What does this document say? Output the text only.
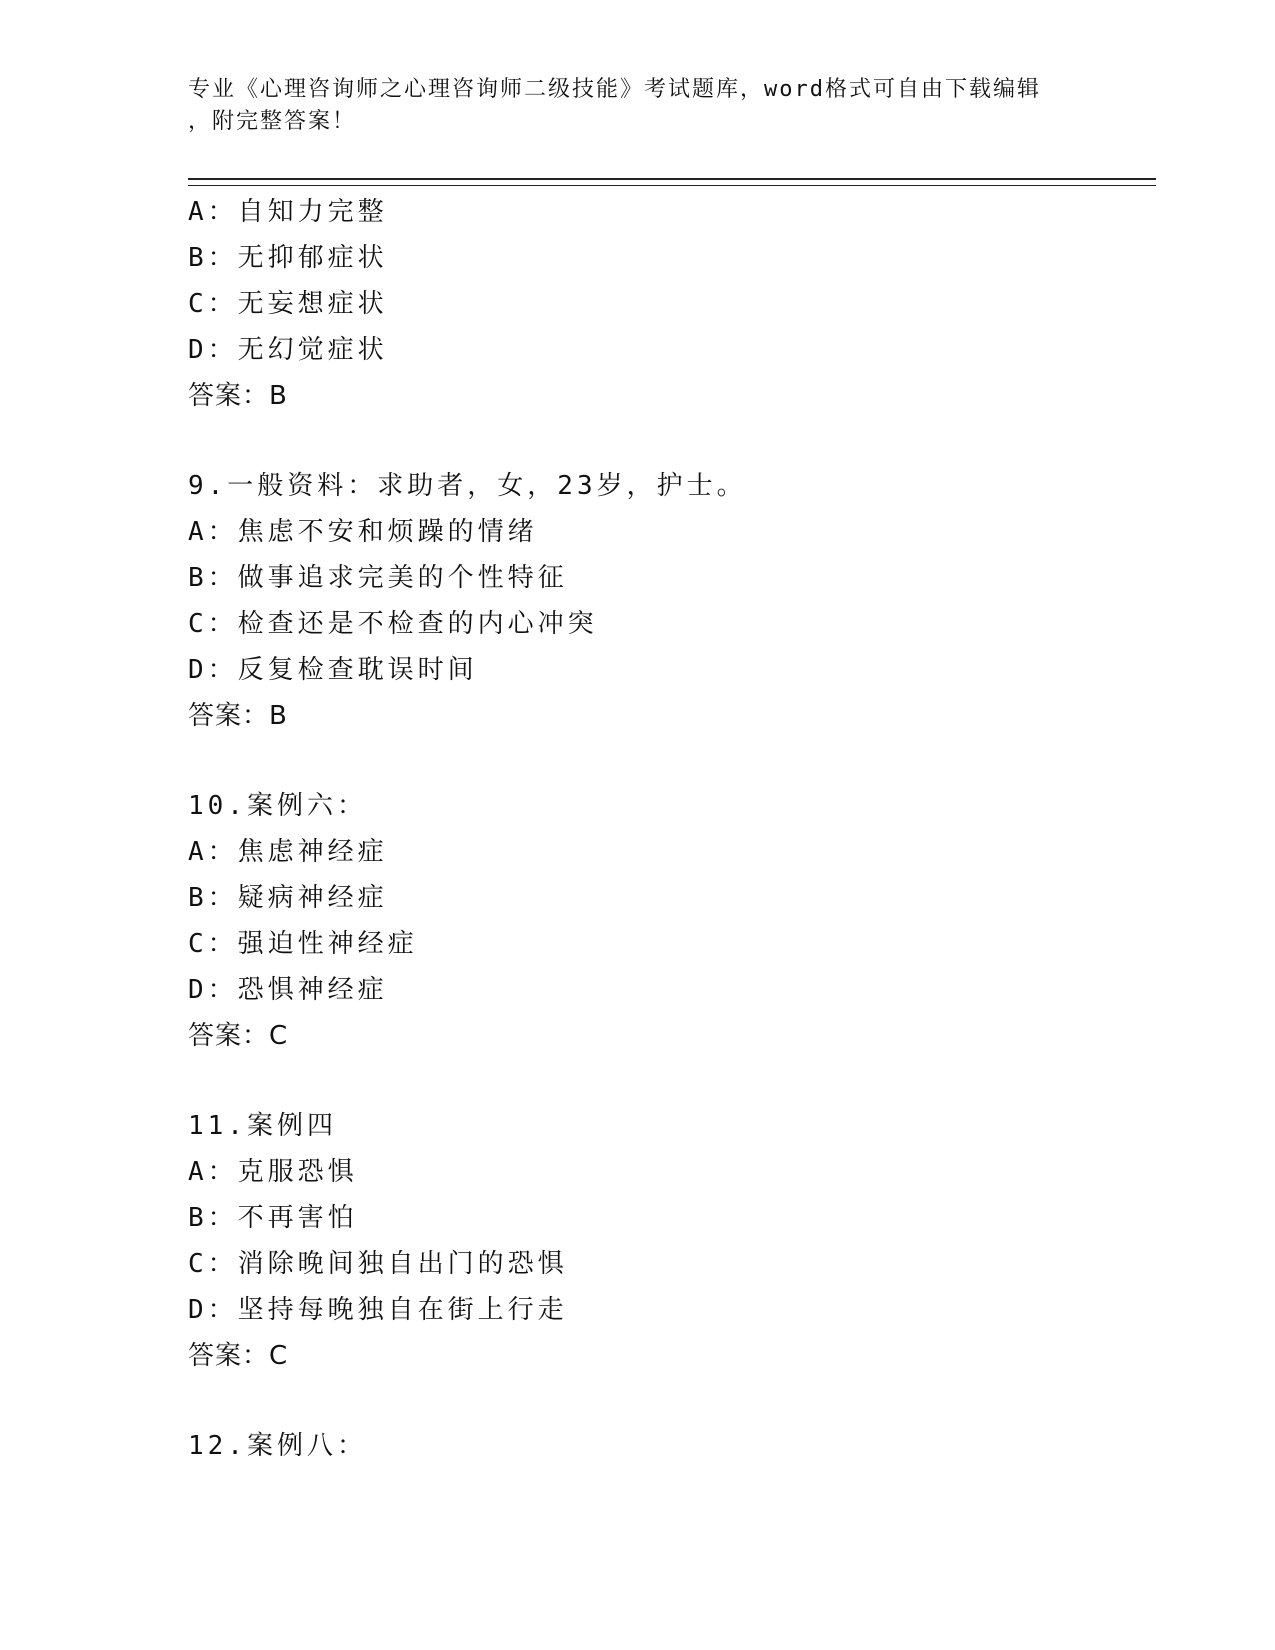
专业《心理咨询师之心理咨询师二级技能》考试题库，word格式可自由下载编辑
，附完整答案！
A：自知力完整
B：无抑郁症状
C：无妄想症状
D：无幻觉症状
答案：B
9.一般资料：求助者，女，23岁，护士。
A：焦虑不安和烦躁的情绪
B：做事追求完美的个性特征
C：检查还是不检查的内心冲突
D：反复检查耽误时间
答案：B
10.案例六：
A：焦虑神经症
B：疑病神经症
C：强迫性神经症
D：恐惧神经症
答案：C
11.案例四
A：克服恐惧
B：不再害怕
C：消除晚间独自出门的恐惧
D：坚持每晚独自在街上行走
答案：C
12.案例八：
